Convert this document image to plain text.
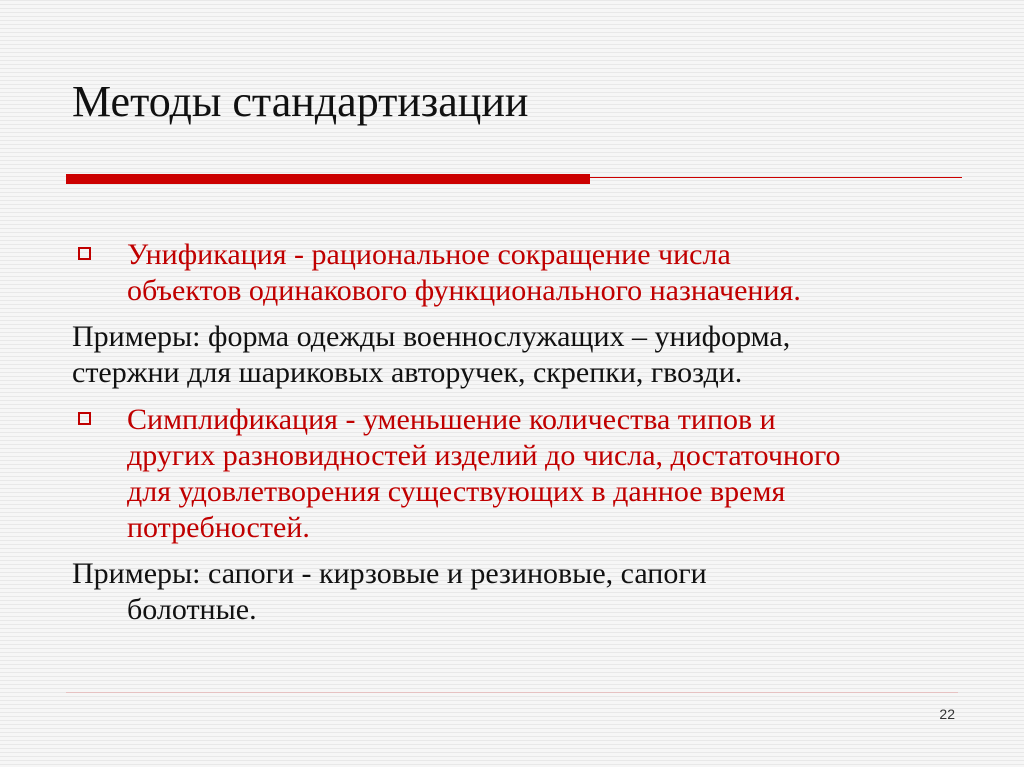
Методы стандартизации
Унификация - рациональное сокращение числа
объектов одинакового функционального назначения.
Примеры: форма одежды военнослужащих – униформа,
стержни для шариковых авторучек, скрепки, гвозди.
Симплификация - уменьшение количества типов и
других разновидностей изделий до числа, достаточного
для удовлетворения существующих в данное время
потребностей.
Примеры: сапоги - кирзовые и резиновые, сапоги
болотные.
22
